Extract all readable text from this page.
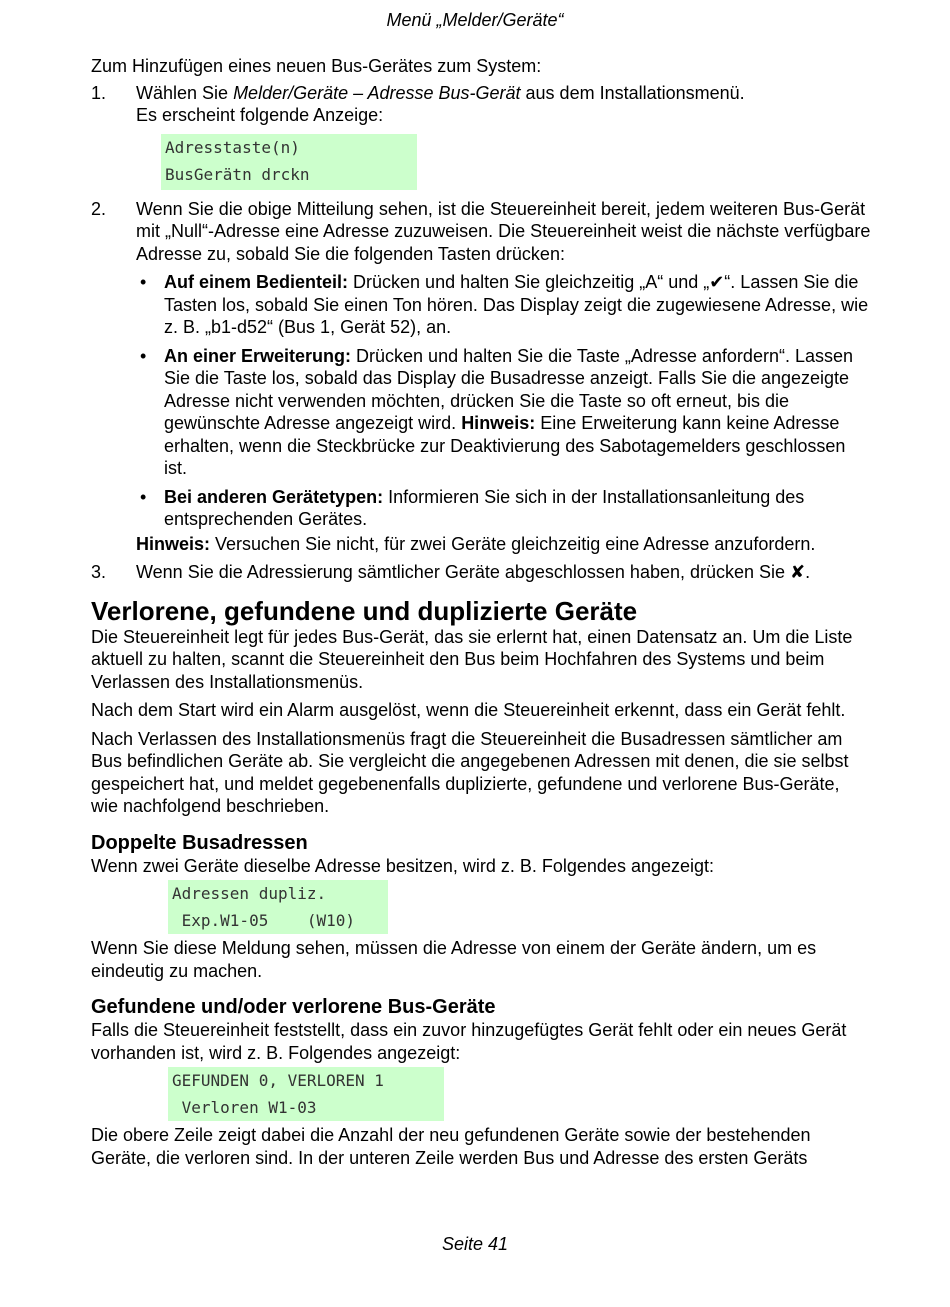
Menü „Melder/Geräte“

Zum Hinzufügen eines neuen Bus-Gerätes zum System:

1.	Wählen Sie Melder/Geräte – Adresse Bus-Gerät aus dem Installationsmenü.
Es erscheint folgende Anzeige:
Adresstaste(n)
BusGerätn drckn
2.	Wenn Sie die obige Mitteilung sehen, ist die Steuereinheit bereit, jedem weiteren Bus-Gerät mit „Null“-Adresse eine Adresse zuzuweisen. Die Steuereinheit weist die nächste verfügbare Adresse zu, sobald Sie die folgenden Tasten drücken:
• Auf einem Bedienteil: Drücken und halten Sie gleichzeitig „A“ und „✔“. Lassen Sie die Tasten los, sobald Sie einen Ton hören. Das Display zeigt die zugewiesene Adresse, wie z. B. „b1-d52“ (Bus 1, Gerät 52), an.
• An einer Erweiterung: Drücken und halten Sie die Taste „Adresse anfordern“. Lassen Sie die Taste los, sobald das Display die Busadresse anzeigt. Falls Sie die angezeigte Adresse nicht verwenden möchten, drücken Sie die Taste so oft erneut, bis die gewünschte Adresse angezeigt wird. Hinweis: Eine Erweiterung kann keine Adresse erhalten, wenn die Steckbrücke zur Deaktivierung des Sabotagemelders geschlossen ist.
• Bei anderen Gerätetypen: Informieren Sie sich in der Installationsanleitung des entsprechenden Gerätes.

Hinweis: Versuchen Sie nicht, für zwei Geräte gleichzeitig eine Adresse anzufordern.

3.	Wenn Sie die Adressierung sämtlicher Geräte abgeschlossen haben, drücken Sie ✘.
Verlorene, gefundene und duplizierte Geräte

Die Steuereinheit legt für jedes Bus-Gerät, das sie erlernt hat, einen Datensatz an. Um die Liste aktuell zu halten, scannt die Steuereinheit den Bus beim Hochfahren des Systems und beim Verlassen des Installationsmenüs.

Nach dem Start wird ein Alarm ausgelöst, wenn die Steuereinheit erkennt, dass ein Gerät fehlt.

Nach Verlassen des Installationsmenüs fragt die Steuereinheit die Busadressen sämtlicher am Bus befindlichen Geräte ab. Sie vergleicht die angegebenen Adressen mit denen, die sie selbst gespeichert hat, und meldet gegebenenfalls duplizierte, gefundene und verlorene Bus-Geräte, wie nachfolgend beschrieben.

Doppelte Busadressen

Wenn zwei Geräte dieselbe Adresse besitzen, wird z. B. Folgendes angezeigt:

Adressen dupliz.
Exp.W1-05    (W10)

Wenn Sie diese Meldung sehen, müssen die Adresse von einem der Geräte ändern, um es eindeutig zu machen.

Gefundene und/oder verlorene Bus-Geräte

Falls die Steuereinheit feststellt, dass ein zuvor hinzugefügtes Gerät fehlt oder ein neues Gerät vorhanden ist, wird z. B. Folgendes angezeigt:

GEFUNDEN 0, VERLOREN 1
Verloren W1-03

Die obere Zeile zeigt dabei die Anzahl der neu gefundenen Geräte sowie der bestehenden Geräte, die verloren sind. In der unteren Zeile werden Bus und Adresse des ersten Geräts

Seite 41
